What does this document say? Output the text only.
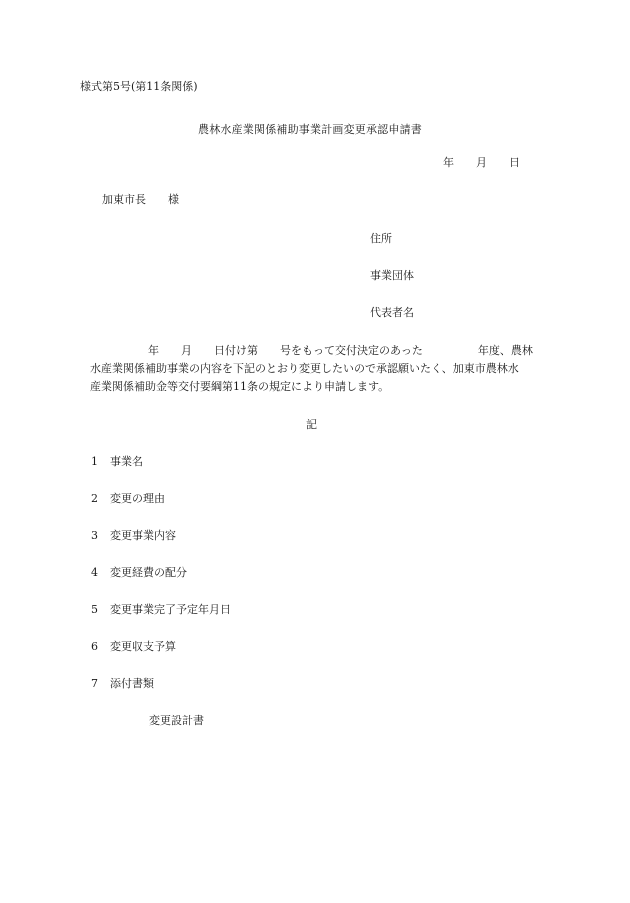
様式第5号(第11条関係)
農林水産業関係補助事業計画変更承認申請書
年 月 日
加東市長 様
住所
事業団体
代表者名
年 月 日付け第 号をもって交付決定のあった	年度、農林
水産業関係補助事業の内容を下記のとおり変更したいので承認願いたく、加東市農林水
産業関係補助金等交付要綱第11条の規定により申請します。
記
1 事業名
2 変更の理由
3 変更事業内容
4 変更経費の配分
5 変更事業完了予定年月日
6 変更収支予算
7 添付書類
変更設計書
